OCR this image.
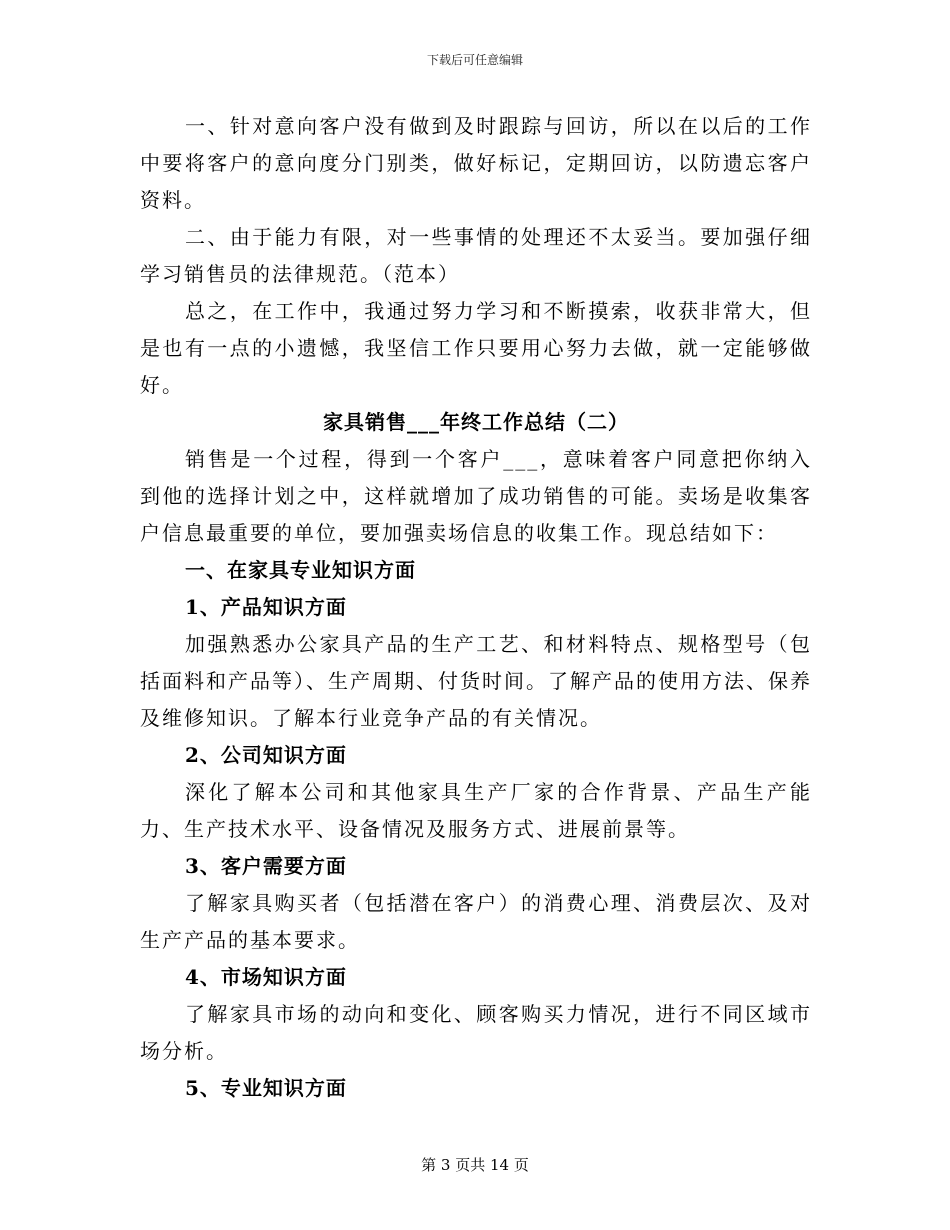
下载后可任意编辑

一、针对意向客户没有做到及时跟踪与回访，所以在以后的工作中要将客户的意向度分门别类，做好标记，定期回访，以防遗忘客户资料。

二、由于能力有限，对一些事情的处理还不太妥当。要加强仔细学习销售员的法律规范。（范本）

总之，在工作中，我通过努力学习和不断摸索，收获非常大，但是也有一点的小遗憾，我坚信工作只要用心努力去做，就一定能够做好。

家具销售___年终工作总结（二）

销售是一个过程，得到一个客户___，意味着客户同意把你纳入到他的选择计划之中，这样就增加了成功销售的可能。卖场是收集客户信息最重要的单位，要加强卖场信息的收集工作。现总结如下：

一、在家具专业知识方面

1、产品知识方面

加强熟悉办公家具产品的生产工艺、和材料特点、规格型号（包括面料和产品等）、生产周期、付货时间。了解产品的使用方法、保养及维修知识。了解本行业竞争产品的有关情况。

2、公司知识方面

深化了解本公司和其他家具生产厂家的合作背景、产品生产能力、生产技术水平、设备情况及服务方式、进展前景等。

3、客户需要方面

了解家具购买者（包括潜在客户）的消费心理、消费层次、及对生产产品的基本要求。

4、市场知识方面

了解家具市场的动向和变化、顾客购买力情况，进行不同区域市场分析。

5、专业知识方面

第 3 页共 14 页
